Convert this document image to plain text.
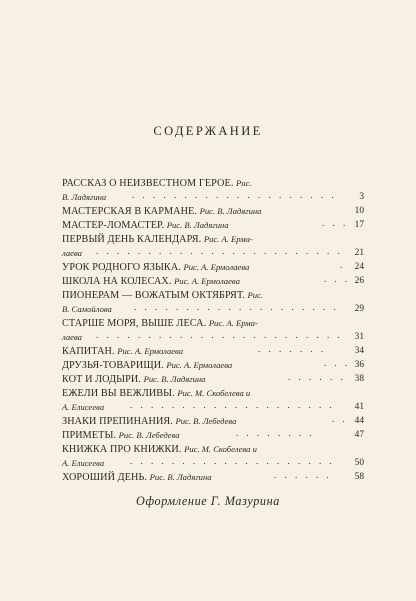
СОДЕРЖАНИЕ
РАССКАЗ О НЕИЗВЕСТНОМ ГЕРОЕ. Рис.
В. Ладягина	. . . . . . . . . . . . . . . . . . . . 3
МАСТЕРСКАЯ В КАРМАНЕ. Рис. В. Ладягина	10
МАСТЕР-ЛОМАСТЕР. Рис. В. Ладягина	. . . 17
ПЕРВЫЙ ДЕНЬ КАЛЕНДАРЯ. Рис. А. Ерма-
лаева . . . . . . . . . . . . . . . . . . . . . . . . 21
УРОК РОДНОГО ЯЗЫКА. Рис. А. Ермолаева	. 24
ШКОЛА НА КОЛЕСАХ. Рис. А. Ермолаева	. . . 26
ПИОНЕРАМ — ВОЖАТЫМ ОКТЯБРЯТ. Рис.
В. Самойлова . . . . . . . . . . . . . . . . . . . . 29
СТАРШЕ МОРЯ, ВЫШЕ ЛЕСА. Рис. А. Ерма-
лаева . . . . . . . . . . . . . . . . . . . . . . . . 31
КАПИТАН. Рис. А. Ермолаева	. . . . . . .	34
ДРУЗЬЯ-ТОВАРИЩИ. Рис. А. Ермолаева	. . . 36
КОТ И ЛОДЫРИ. Рис. В. Ладягина	. . . . . . 38
ЕЖЕЛИ ВЫ ВЕЖЛИВЫ. Рис. М. Скобелева и
А. Елисеева	. . . . . . . . . . . . . . . . . . . . 41
ЗНАКИ ПРЕПИНАНИЯ. Рис. В. Лебедева	. . 44
ПРИМЕТЫ. Рис. В. Лебедева	. . . . . . . .	47
КНИЖКА ПРО КНИЖКИ. Рис. М. Скобелева и
А. Елисеева	. . . . . . . . . . . . . . . . . . . . 50
ХОРОШИЙ ДЕНЬ. Рис. В. Ладягина	. . . . . . 58
Оформление Г. Мазурина
